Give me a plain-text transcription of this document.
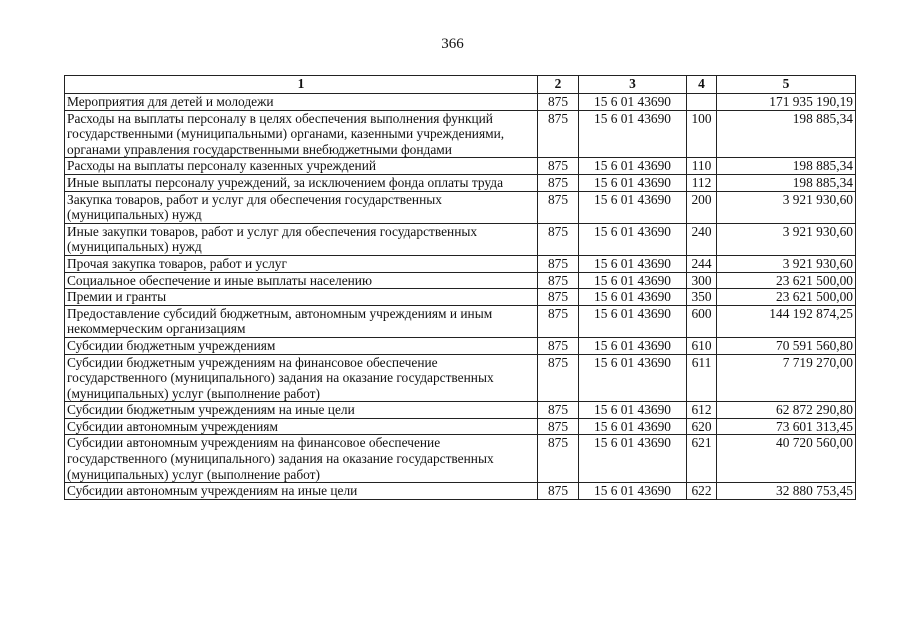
366
1	2	3	4	5
Мероприятия для детей и молодежи	875	15 6 01 43690		171 935 190,19
Расходы на выплаты персоналу в целях обеспечения выполнения функций государственными (муниципальными) органами, казенными учреждениями, органами управления государственными внебюджетными фондами	875	15 6 01 43690	100	198 885,34
Расходы на выплаты персоналу казенных учреждений	875	15 6 01 43690	110	198 885,34
Иные выплаты персоналу учреждений, за исключением фонда оплаты труда	875	15 6 01 43690	112	198 885,34
Закупка товаров, работ и услуг для обеспечения государственных (муниципальных) нужд	875	15 6 01 43690	200	3 921 930,60
Иные закупки товаров, работ и услуг для обеспечения государственных (муниципальных) нужд	875	15 6 01 43690	240	3 921 930,60
Прочая закупка товаров, работ и услуг	875	15 6 01 43690	244	3 921 930,60
Социальное обеспечение и иные выплаты населению	875	15 6 01 43690	300	23 621 500,00
Премии и гранты	875	15 6 01 43690	350	23 621 500,00
Предоставление субсидий бюджетным, автономным учреждениям и иным некоммерческим организациям	875	15 6 01 43690	600	144 192 874,25
Субсидии бюджетным учреждениям	875	15 6 01 43690	610	70 591 560,80
Субсидии бюджетным учреждениям на финансовое обеспечение государственного (муниципального) задания на оказание государственных (муниципальных) услуг (выполнение работ)	875	15 6 01 43690	611	7 719 270,00
Субсидии бюджетным учреждениям на иные цели	875	15 6 01 43690	612	62 872 290,80
Субсидии автономным учреждениям	875	15 6 01 43690	620	73 601 313,45
Субсидии автономным учреждениям на финансовое обеспечение государственного (муниципального) задания на оказание государственных (муниципальных) услуг (выполнение работ)	875	15 6 01 43690	621	40 720 560,00
Субсидии автономным учреждениям на иные цели	875	15 6 01 43690	622	32 880 753,45
